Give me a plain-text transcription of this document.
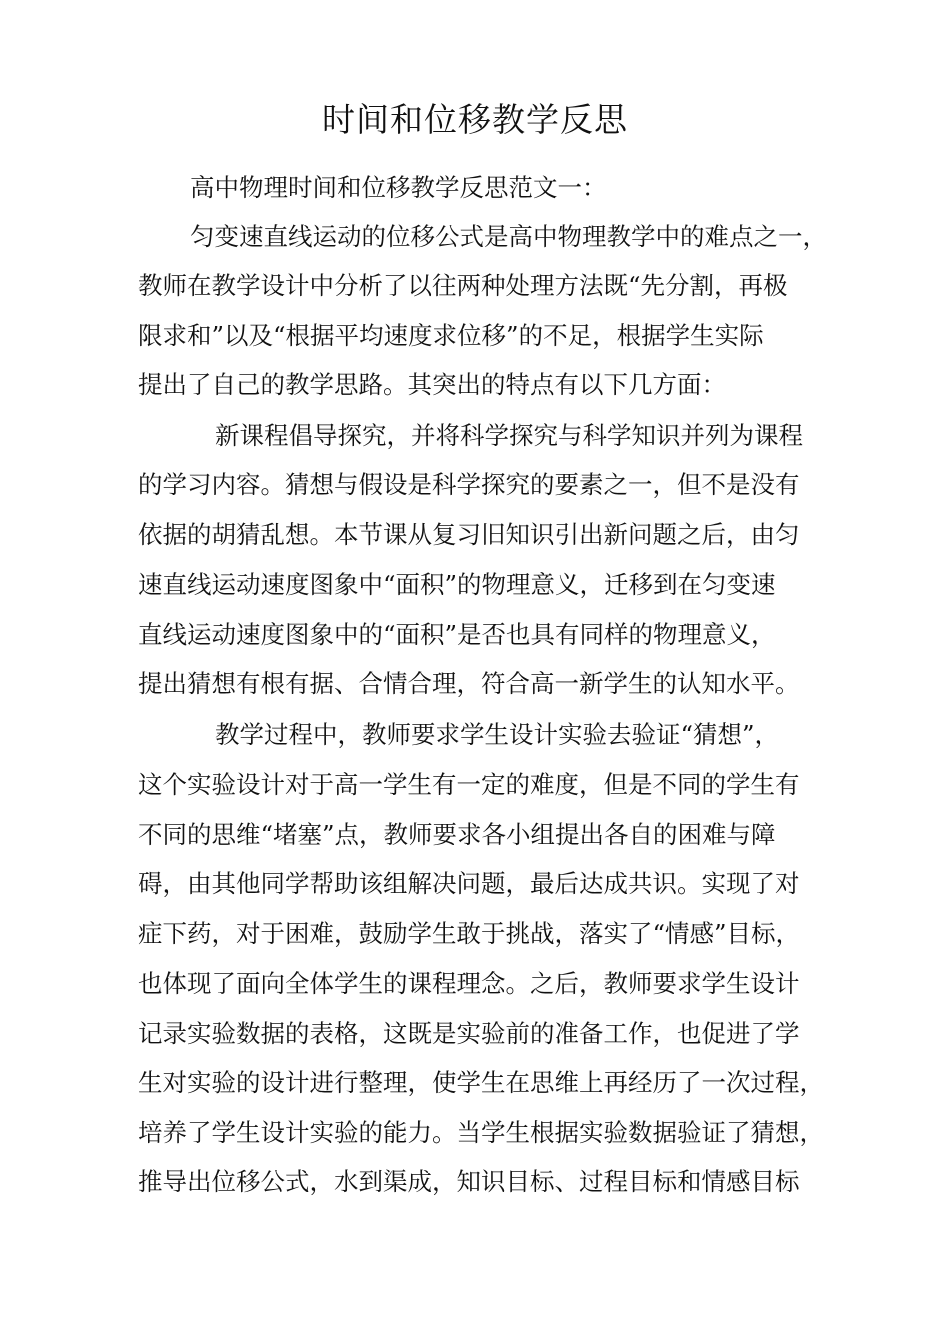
时间和位移教学反思
高中物理时间和位移教学反思范文一：
匀变速直线运动的位移公式是高中物理教学中的难点之一，
教师在教学设计中分析了以往两种处理方法既“先分割，再极
限求和”以及“根据平均速度求位移”的不足，根据学生实际
提出了自己的教学思路。其突出的特点有以下几方面：
新课程倡导探究，并将科学探究与科学知识并列为课程
的学习内容。猜想与假设是科学探究的要素之一，但不是没有
依据的胡猜乱想。本节课从复习旧知识引出新问题之后，由匀
速直线运动速度图象中“面积”的物理意义，迁移到在匀变速
直线运动速度图象中的“面积”是否也具有同样的物理意义，
提出猜想有根有据、合情合理，符合高一新学生的认知水平。
教学过程中，教师要求学生设计实验去验证“猜想”，
这个实验设计对于高一学生有一定的难度，但是不同的学生有
不同的思维“堵塞”点，教师要求各小组提出各自的困难与障
碍，由其他同学帮助该组解决问题，最后达成共识。实现了对
症下药，对于困难，鼓励学生敢于挑战，落实了“情感”目标，
也体现了面向全体学生的课程理念。之后，教师要求学生设计
记录实验数据的表格，这既是实验前的准备工作，也促进了学
生对实验的设计进行整理，使学生在思维上再经历了一次过程，
培养了学生设计实验的能力。当学生根据实验数据验证了猜想，
推导出位移公式，水到渠成，知识目标、过程目标和情感目标
